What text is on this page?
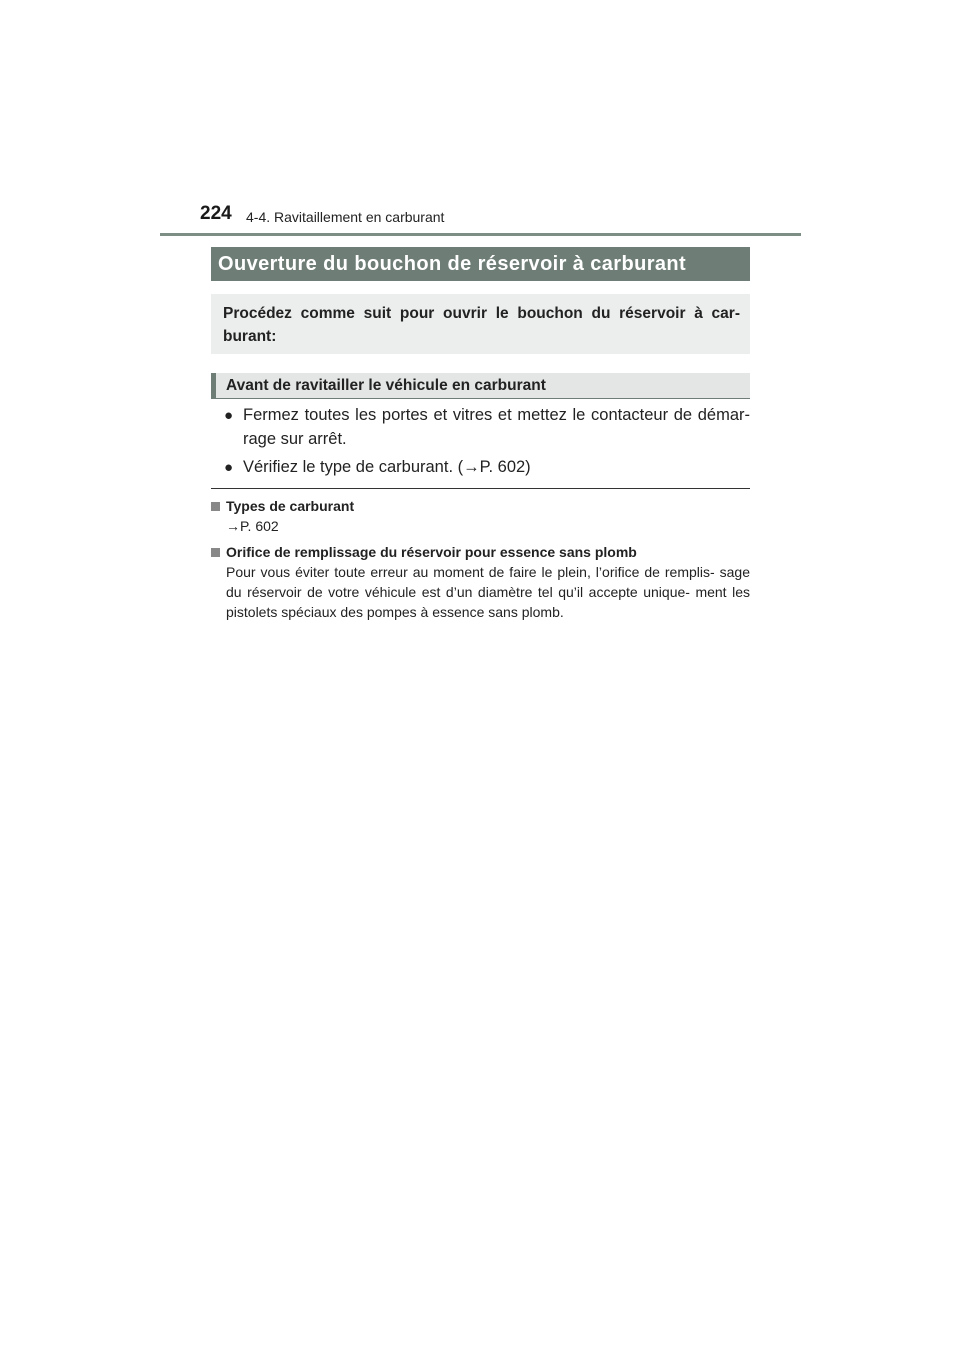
224 4-4. Ravitaillement en carburant
Ouverture du bouchon de réservoir à carburant

Procédez comme suit pour ouvrir le bouchon du réservoir à car- burant:

Avant de ravitailler le véhicule en carburant
● Fermez toutes les portes et vitres et mettez le contacteur de démar- rage sur arrêt.
● Vérifiez le type de carburant. (→P. 602)
Types de carburant
→P. 602
Orifice de remplissage du réservoir pour essence sans plomb
Pour vous éviter toute erreur au moment de faire le plein, l’orifice de remplis- sage du réservoir de votre véhicule est d’un diamètre tel qu’il accepte unique- ment les pistolets spéciaux des pompes à essence sans plomb.
